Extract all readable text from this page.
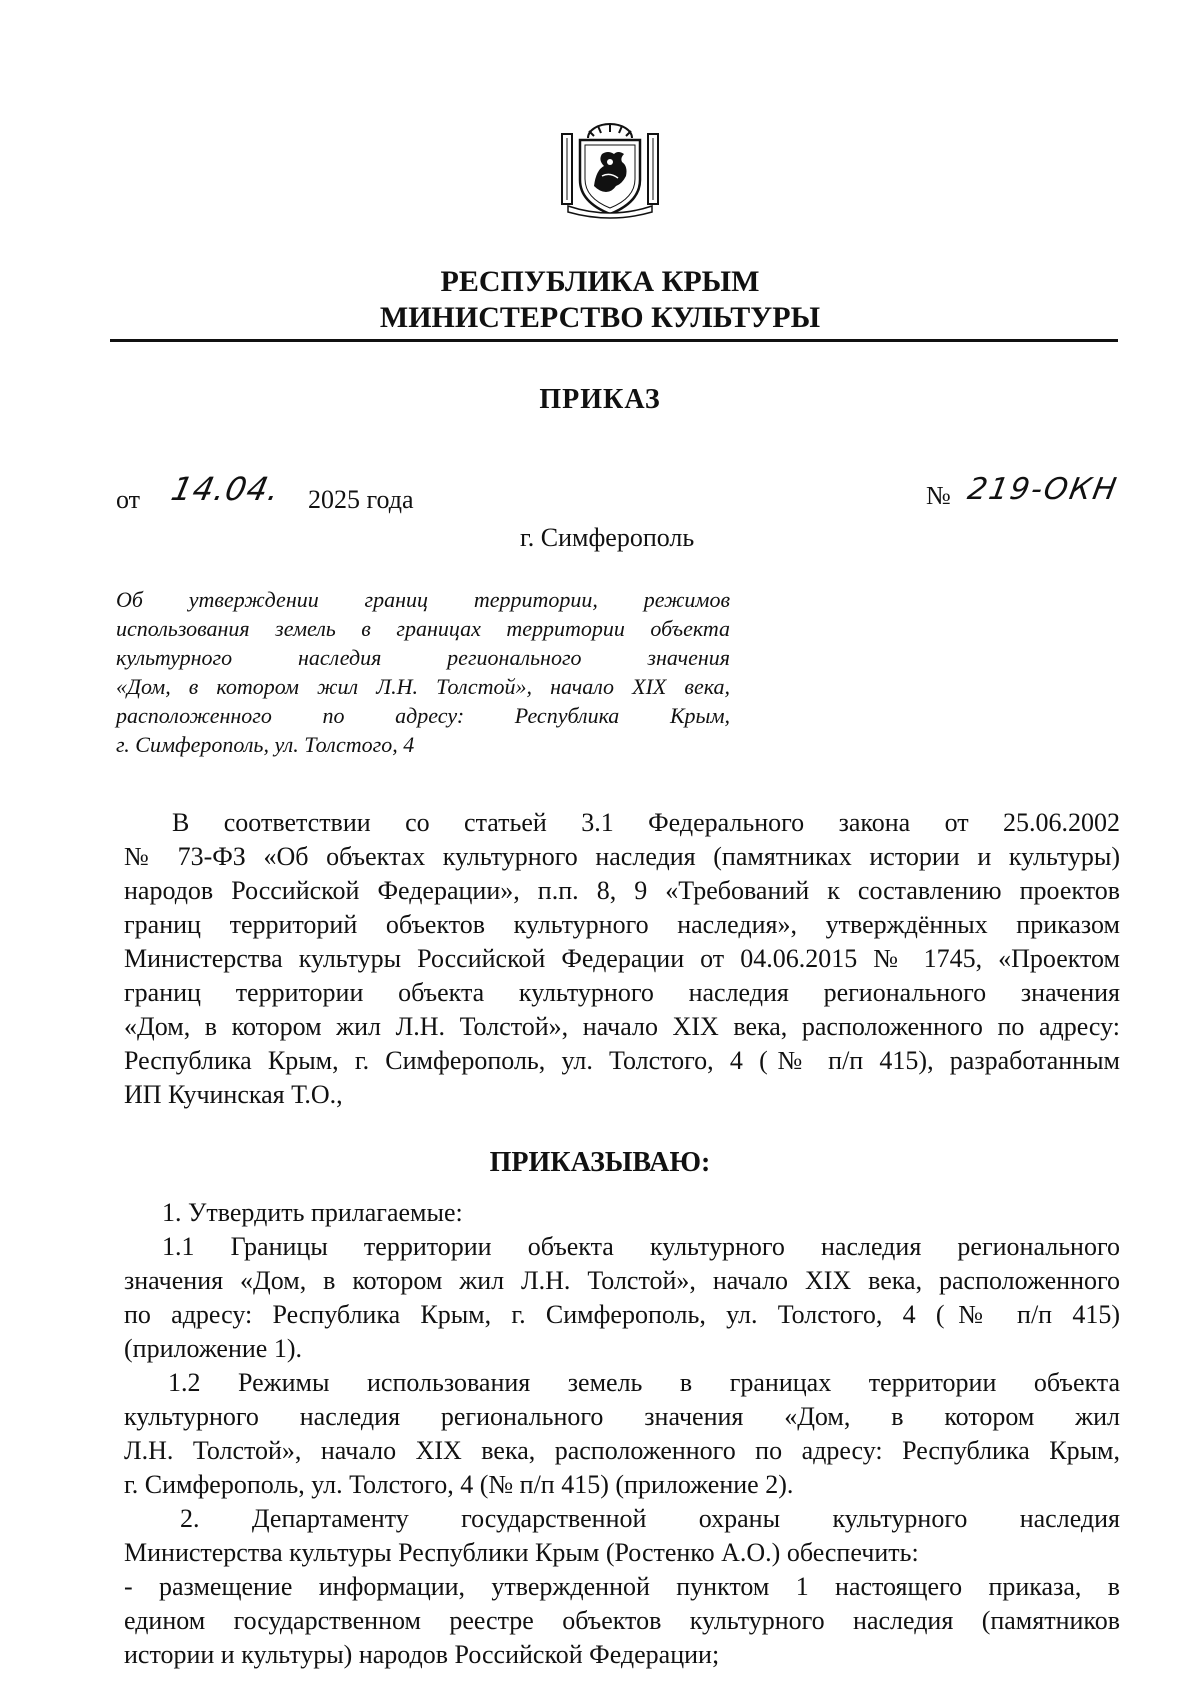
РЕСПУБЛИКА КРЫМ
МИНИСТЕРСТВО КУЛЬТУРЫ
ПРИКАЗ
от 14.04. 2025 года	№ 219-ОКН
г. Симферополь
Об утверждении границ территории, режимов
использования земель в границах территории объекта
культурного наследия регионального значения
«Дом, в котором жил Л.Н. Толстой», начало XIX века,
расположенного по адресу: Республика Крым,
г. Симферополь, ул. Толстого, 4
В соответствии со статьей 3.1 Федерального закона от 25.06.2002
№ 73-ФЗ «Об объектах культурного наследия (памятниках истории и культуры)
народов Российской Федерации», п.п. 8, 9 «Требований к составлению проектов
границ территорий объектов культурного наследия», утверждённых приказом
Министерства культуры Российской Федерации от 04.06.2015 № 1745, «Проектом
границ территории объекта культурного наследия регионального значения
«Дом, в котором жил Л.Н. Толстой», начало XIX века, расположенного по адресу:
Республика Крым, г. Симферополь, ул. Толстого, 4 (№ п/п 415), разработанным
ИП Кучинская Т.О.,
ПРИКАЗЫВАЮ:
1. Утвердить прилагаемые:
1.1 Границы территории объекта культурного наследия регионального
значения «Дом, в котором жил Л.Н. Толстой», начало XIX века, расположенного
по адресу: Республика Крым, г. Симферополь, ул. Толстого, 4 (№ п/п 415)
(приложение 1).
1.2 Режимы использования земель в границах территории объекта
культурного наследия регионального значения «Дом, в котором жил
Л.Н. Толстой», начало XIX века, расположенного по адресу: Республика Крым,
г. Симферополь, ул. Толстого, 4 (№ п/п 415) (приложение 2).
2. Департаменту государственной охраны культурного наследия
Министерства культуры Республики Крым (Ростенко А.О.) обеспечить:
- размещение информации, утвержденной пунктом 1 настоящего приказа, в
едином государственном реестре объектов культурного наследия (памятников
истории и культуры) народов Российской Федерации;
